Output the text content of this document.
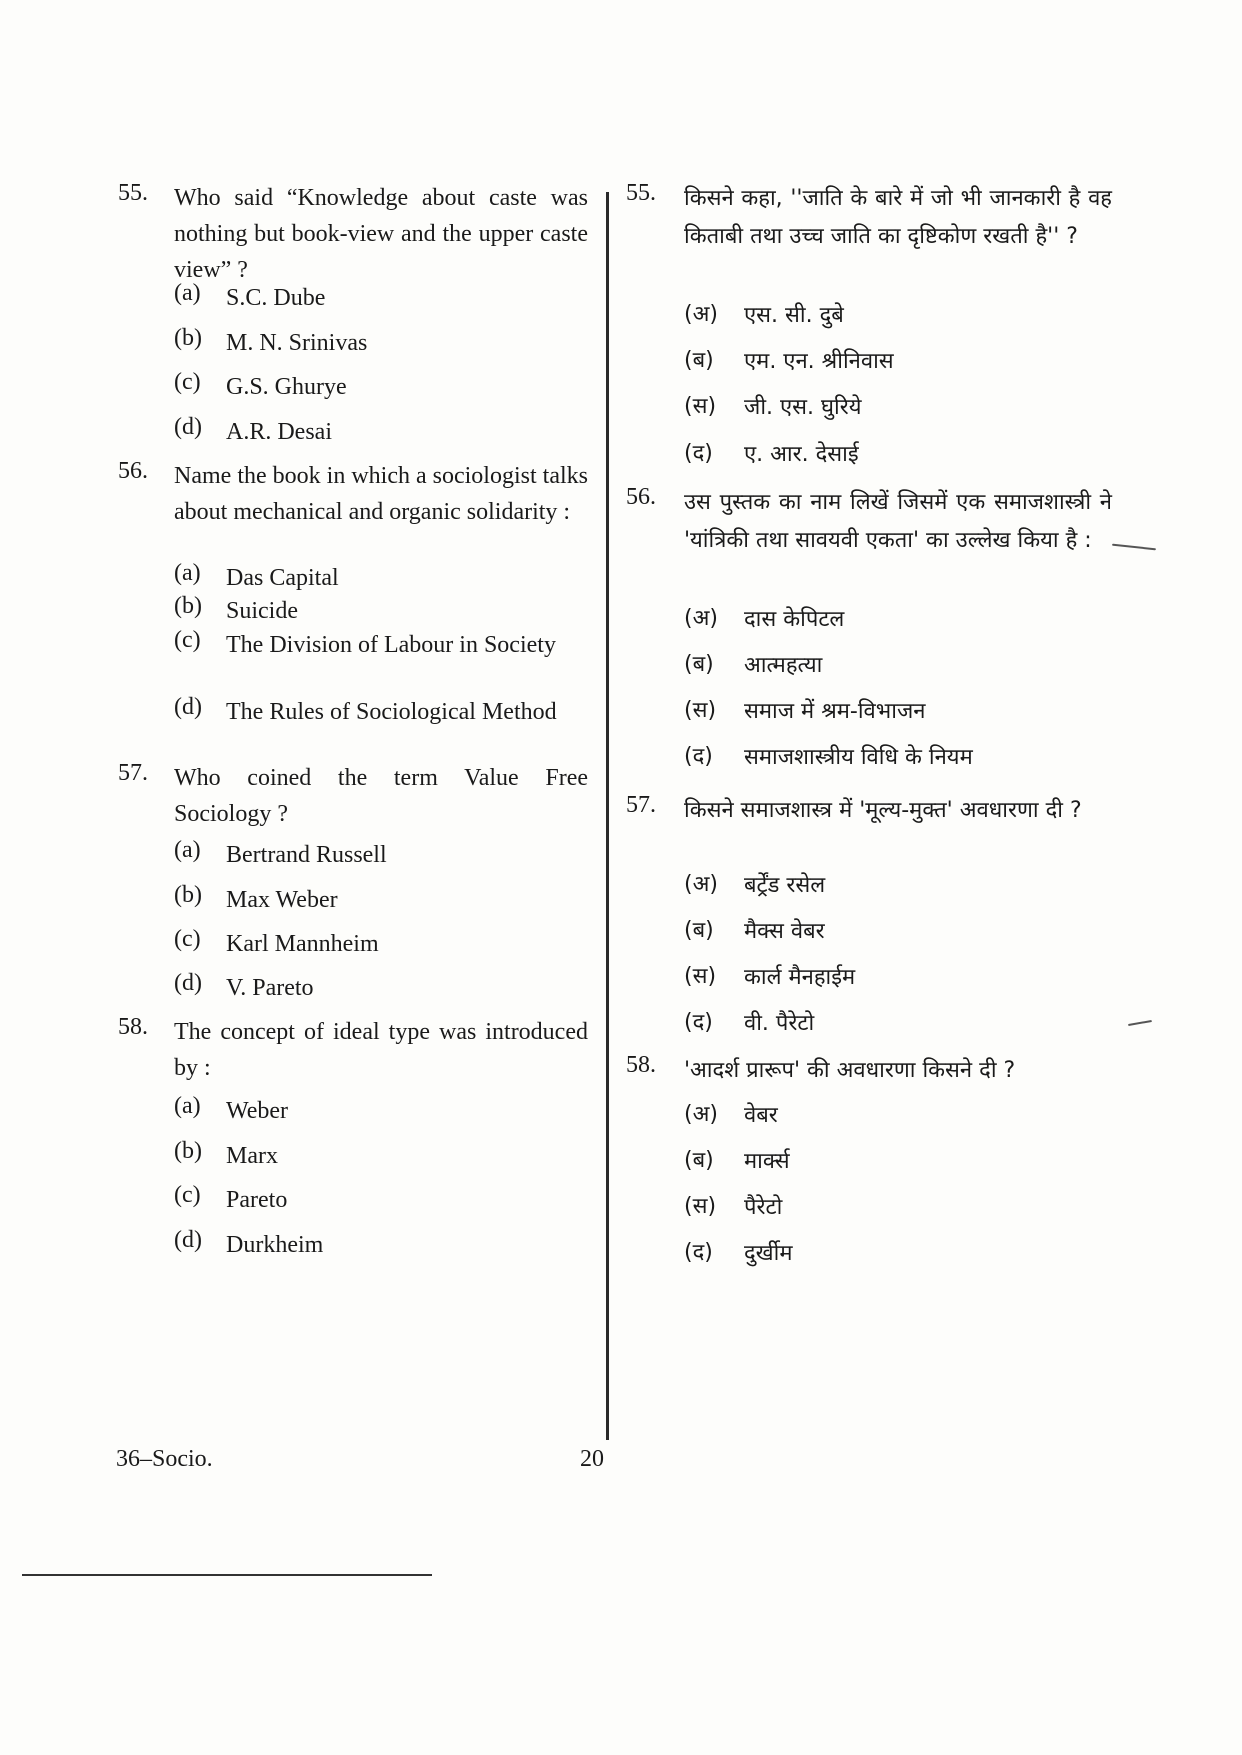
55.	Who said “Knowledge about caste was nothing but book-view and the upper caste view” ?
(a)	S.C. Dube
(b)	M. N. Srinivas
(c)	G.S. Ghurye
(d)	A.R. Desai
56.	Name the book in which a sociologist talks about mechanical and organic solidarity :
(a)	Das Capital
(b)	Suicide
(c)	The Division of Labour in Society
(d)	The Rules of Sociological Method
57.	Who coined the term Value Free Sociology ?
(a)	Bertrand Russell
(b)	Max Weber
(c)	Karl Mannheim
(d)	V. Pareto
58.	The concept of ideal type was introduced by :
(a)	Weber
(b)	Marx
(c)	Pareto
(d)	Durkheim
55.	किसने कहा, ''जाति के बारे में जो भी जानकारी है वह किताबी तथा उच्च जाति का दृष्टिकोण रखती है'' ?
(अ)	एस. सी. दुबे
(ब)	एम. एन. श्रीनिवास
(स)	जी. एस. घुरिये
(द)	ए. आर. देसाई
56.	उस पुस्तक का नाम लिखें जिसमें एक समाजशास्त्री ने 'यांत्रिकी तथा सावयवी एकता' का उल्लेख किया है :
(अ)	दास केपिटल
(ब)	आत्महत्या
(स)	समाज में श्रम-विभाजन
(द)	समाजशास्त्रीय विधि के नियम
57.	किसने समाजशास्त्र में 'मूल्य-मुक्त' अवधारणा दी ?
(अ)	बर्ट्रेंड रसेल
(ब)	मैक्स वेबर
(स)	कार्ल मैनहाईम
(द)	वी. पैरेटो
58.	'आदर्श प्रारूप' की अवधारणा किसने दी ?
(अ)	वेबर
(ब)	मार्क्स
(स)	पैरेटो
(द)	दुर्खीम
36–Socio.	20
